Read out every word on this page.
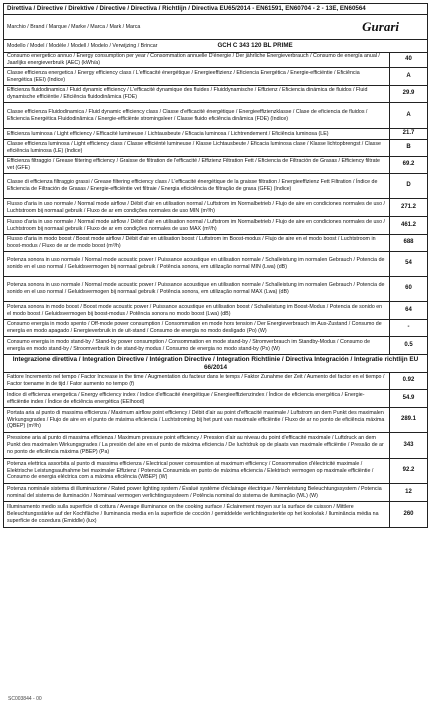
Direttiva / Directive / Direktive / Directive / Directiva / Richtlijn / Directiva EU65/2014 - EN61591, EN60704 - 2 - 13E, EN60564	

Marchio / Brand / Marque / Marke / Marca / Mark / Marca Gurari	

Modello / Model / Modèle / Modell / Modelo / Verwijzing / Brincar GCH C 343 120 BL PRIME	

Consumo energetico annuo / Energy consumption per year / Consommation annuelle D'énergie / Der jährliche Energieverbrauch / Consumo de energía anual / Jaarlijks energieverbruik (AEC) (kWh/a)	40
Classe efficienza energetica / Energy efficiency class / L'efficacité énergétique / Energieeffizienz / Eficiencia Energética / Energie-efficiëntie / Eficiência Energética (EEI) (Indice)	A
Efficienza fluidodinamica / Fluid dynamic efficiency / L'efficacité dynamique des fluides / Fluiddynamische / Effizienz / Eficiencia dinámica de fluidos / Fluid dynamische efficiëntie / Eficiência fluidodinâmica (FDE)	29.9
Classe efficienza Fluidodinamica / Fluid dynamic efficiency class / Classe d'efficacité énergétique / Energieeffizienzklasse / Clase de eficiencia de fluidos / Eficiencia Energética Fluidodinâmica / Energie-efficiënte stromingsleer / Classe fluido eficiência dinâmica (FDE) (Indice)	A
Efficienza luminosa / Light efficiency / Efficacité lumineuse / Lichtausbeute / Eficacia luminosa / Lichtrendement / Eficiência luminosa (LE)	21.7
Classe efficienza luminosa / Light efficiency class / Classe efficiénté lumineuse / Klasse Lichtausbeute / Eficacia luminosa clase / Klasse lichtopbrengst / Classe eficiência luminosa (LE) (Indice)	B
Efficienza filtraggio / Grease filtering efficiency / Graisse de filtration de l'efficacité / Effizienz Filtration Fett / Eficiencia de Filtración de Grasas / Efficiency filtrate vet (GFE)	69.2
Classe di efficienza filtraggio grassi / Grease filtering efficiency class / L'efficacité énergétique de la graisse filtration / Energieeffizienz Fett Filtration / Índice de Eficiencia de Filtración de Grasas / Energie-efficiëntie vet filtraie / Energia eficiciência de filtração de graxa (GFE) (Indice)	D
Flusso d'aria in uso normale / Normal mode airflow / Débit d'air en utilisation normal / Luftstrom im Normalbetrieb / Flujo de aire en condiciones normales de uso / Luchtstroom bij normaal gebruik / Fluxo de ar em condições normales de uso MIN (m³/h)	271.2
Flusso d'aria in uso normale / Normal mode airflow / Débit d'air en utilisation normal / Luftstrom im Normalbetrieb / Flujo de aire en condiciones normales de uso / Luchtstroom bij normaal gebruik / Fluxo de ar em condições normales de uso MAX (m³/h)	461.2
Flusso d'aria in modo boost / Boost mode airflow / Débit d'air en utilisation boost / Luftstrom im Boost-modus / Flujo de aire en el modo boost / Luchtstroom in boost-modus / Fluxo de ar de modo boost (m³/h)	688
Potenza sonora in uso normale / Normal mode acoustic power / Puissance acoustique en utilisation normale / Schalleistung im normalen Gebrauch / Potencia de sonido en el uso normal / Geluidsvermogen bij normaal gebruik / Potência sonora, em utilização normal MIN (Lwa) (dB)	54
Potenza sonora in uso normale / Normal mode acoustic power / Puissance acoustique en utilisation normale / Schalleistung im normalen Gebrauch / Potencia de sonido en el uso normal / Geluidsvermogen bij normaal gebruik / Potência sonora, em utilização normal MAX (Lwa) (dB)	60
Potenza sonora in modo boost / Boost mode acoustic power / Puissance acoustique en utilisation boost / Schalleistung im Boost-Modus / Potencia de sonido en el modo boost / Geluidsvermogen bij boost-modus / Potência sonora no modo boost (Lwa) (dB)	64
Consumo energia in modo spento / Off-mode power consumption / Consommation en mode hors tension / Der Energieverbrauch im Aus-Zustand / Consumo de energía en modo apagado / Energieverbruik in de uit-stand / Consumo de energia no modo desligado (Po) (W)	-
Consumo energia in modo stand-by / Stand-by power consumption / Consommation en mode stand-by / Stromverbrauch im Standby-Modus / Consumo de energía en modo stand-by / Stroomverbruik in de stand-by modus / Consumo de energia no modo stand-by (Ps) (W)	0.5
Integrazione direttiva / Integration Directive / Intégration Directive / Integration Richtlinie / Directiva Integración / Integratie richtlijn EU 66/2014	
Fattore Incremento nel tempo / Factor Increase in the time / Augmentation du facteur dans le temps / Faktor Zunahme der Zeit / Aumento del factor en el tiempo / Factor toename in de tijd / Fator aumento no tempo (f)	0.92
Indice di efficienza energetica / Energy efficiency index / Indice d'efficacité énergétique / Energieeffizienzindex / Índice de eficiencia energética / Energie-efficiëntie index / Índice de eficiência energética (EEIhood)	54.9
Portata aria al punto di massima efficienza / Maximum airflow point efficiency / Débit d'air au point d'efficacité maximale / Luftstrom an dem Punkt des maximalen Wirkungsgrades / Flujo de aire en el punto de máxima eficiencia / Luchtstroming bij het punt van maximale efficiëntie / Fluxo de ar no ponto de eficiência máxima (QBEP) (m³/h)	289.1
Pressione aria al punto di massima efficienza / Maximum pressure point efficiency / Pression d'air au niveau du point d'efficacité maximale / Luftdruck an dem Punkt des maximalen Wirkungsgrades / La presión del aire en el punto de máxima eficiencia / De luchtdruk op de plaats van maximale efficiëntie / Pressão de ar no ponto de eficiência máxima (PBEP) (Pa)	343
Potenza elettrica assorbita al punto di massima efficienza / Electrical power comsumtion at maximum efficiency / Consommation d'électricité maximale / Elektrische Leistungsaufnahme bei maximaler Effizienz / Potencia Consumida en punto de máxima eficiencia / Elektrisch vermogen op maximale efficiëntie / Consumo de energia eléctrica com a máxima eficiência (WBEP) (W)	92.2
Potenza nominale sistema di illuminazione / Rated power lighting system / Évalué système d'éclairage électrique / Nennleistung Beleuchtungssystem / Potencia nominal del sistema de iluminación / Nominaal vermogen verlichtingssysteem / Potência nominal do sistema de iluminação (WL) (W)	12
Illuminamento medio sulla superficie di cottura / Average illuminance on the cooking surface / Éclairement moyen sur la surface de cuisson / Mittlere Beleuchtungsstärke auf der Kochfläche / Iluminancia media en la superficie de cocción / gemiddelde verlichtingssterkte op het kookvlak / Iluminância média na superfície de cozedura (Emiddle) (lux)	260
SC003844 - 00
